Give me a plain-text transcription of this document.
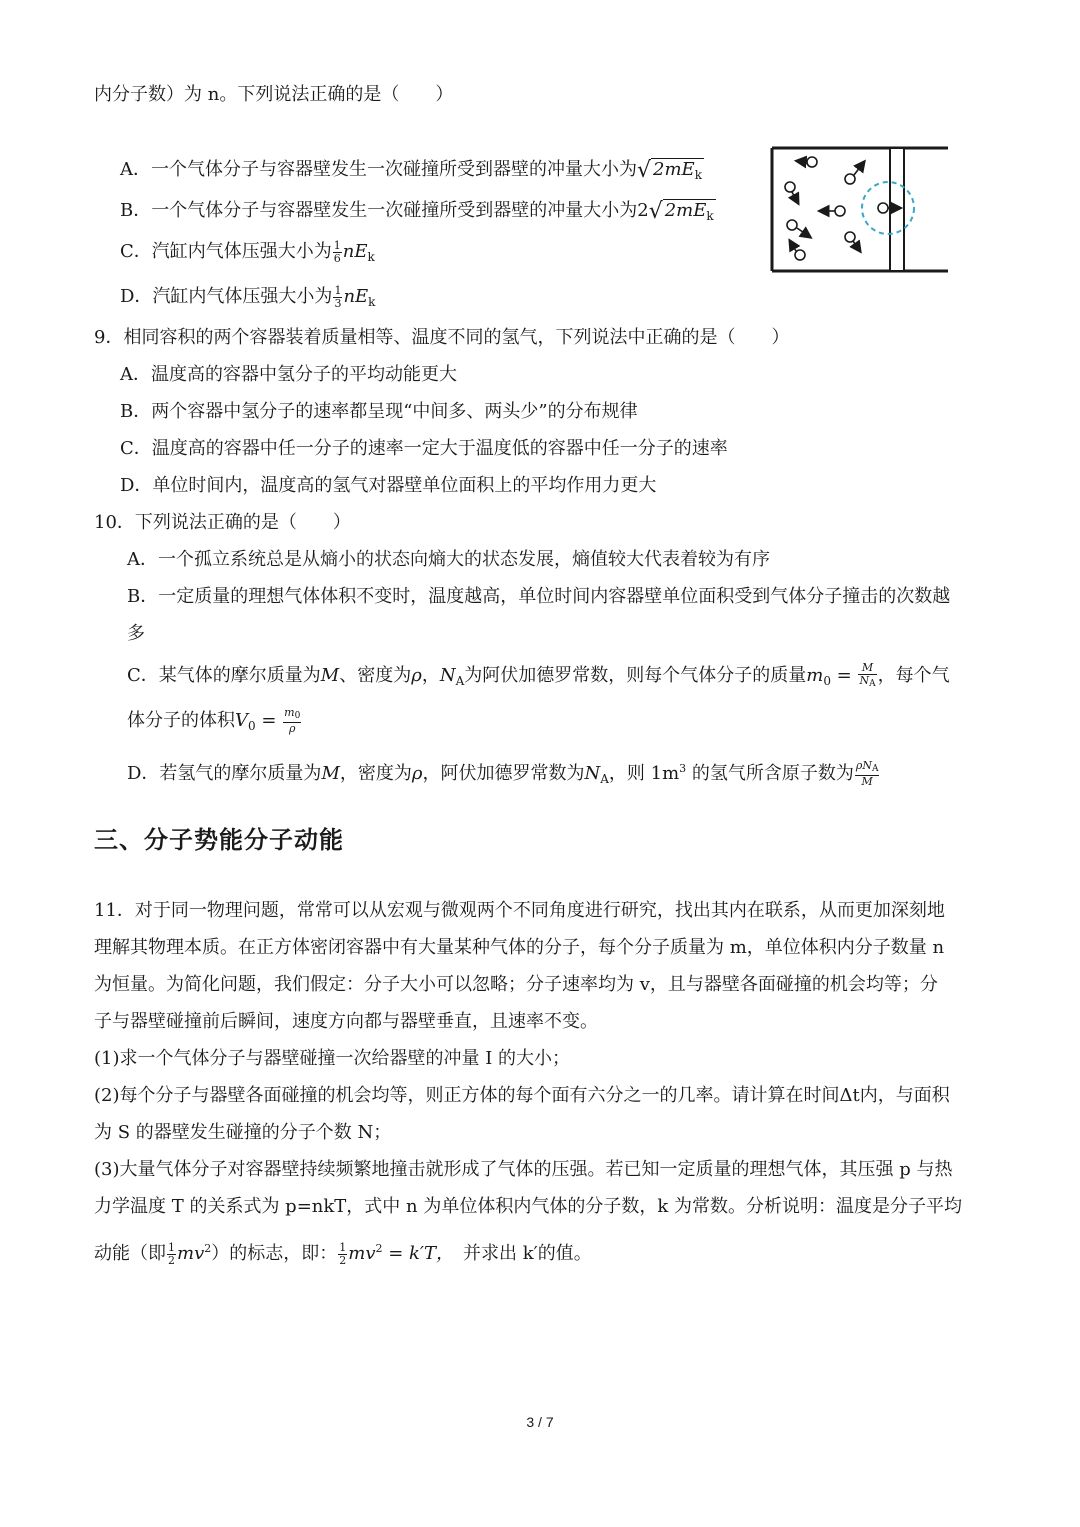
内分子数）为 n。下列说法正确的是（　　）
A．一个气体分子与容器壁发生一次碰撞所受到器壁的冲量大小为√ $2mE_k$
B．一个气体分子与容器壁发生一次碰撞所受到器壁的冲量大小为2√ $2mE_k$
C．汽缸内气体压强大小为 $\frac{1}{6} nE_k$
D．汽缸内气体压强大小为 $\frac{1}{3} nE_k$
9．相同容积的两个容器装着质量相等、温度不同的氢气，下列说法中正确的是（　　）
A．温度高的容器中氢分子的平均动能更大
B．两个容器中氢分子的速率都呈现“中间多、两头少”的分布规律
C．温度高的容器中任一分子的速率一定大于温度低的容器中任一分子的速率
D．单位时间内，温度高的氢气对器壁单位面积上的平均作用力更大
10．下列说法正确的是（　　）
A．一个孤立系统总是从熵小的状态向熵大的状态发展，熵值较大代表着较为有序
B．一定质量的理想气体体积不变时，温度越高，单位时间内容器壁单位面积受到气体分子撞击的次数越
多
C．某气体的摩尔质量为M、密度为ρ，$N_A$为阿伏加德罗常数，则每个气体分子的质量$m_0 = \frac{M}{N_A}$ ，每个气
体分子的体积$V_0 = \frac{m_0}{\rho}$
D．若氢气的摩尔质量为M，密度为ρ，阿伏加德罗常数为$N_A$，则 $1m^3$ 的氢气所含原子数为 $\frac{\rho N_A}{M}$
三、分子势能分子动能
11．对于同一物理问题，常常可以从宏观与微观两个不同角度进行研究，找出其内在联系，从而更加深刻地
理解其物理本质。在正方体密闭容器中有大量某种气体的分子，每个分子质量为 m，单位体积内分子数量 n
为恒量。为简化问题，我们假定：分子大小可以忽略；分子速率均为 v，且与器壁各面碰撞的机会均等；分
子与器壁碰撞前后瞬间，速度方向都与器壁垂直，且速率不变。
(1)求一个气体分子与器壁碰撞一次给器壁的冲量 I 的大小；
(2)每个分子与器壁各面碰撞的机会均等，则正方体的每个面有六分之一的几率。请计算在时间Δt内，与面积
为 S 的器壁发生碰撞的分子个数 N；
(3)大量气体分子对容器壁持续频繁地撞击就形成了气体的压强。若已知一定质量的理想气体，其压强 p 与热
力学温度 T 的关系式为 p=nkT，式中 n 为单位体积内气体的分子数，k 为常数。分析说明：温度是分子平均
动能（即 $\frac{1}{2} mv^2$）的标志，即： $\frac{1}{2} mv^2 = k'T$，　并求出 k′的值。
3 / 7
